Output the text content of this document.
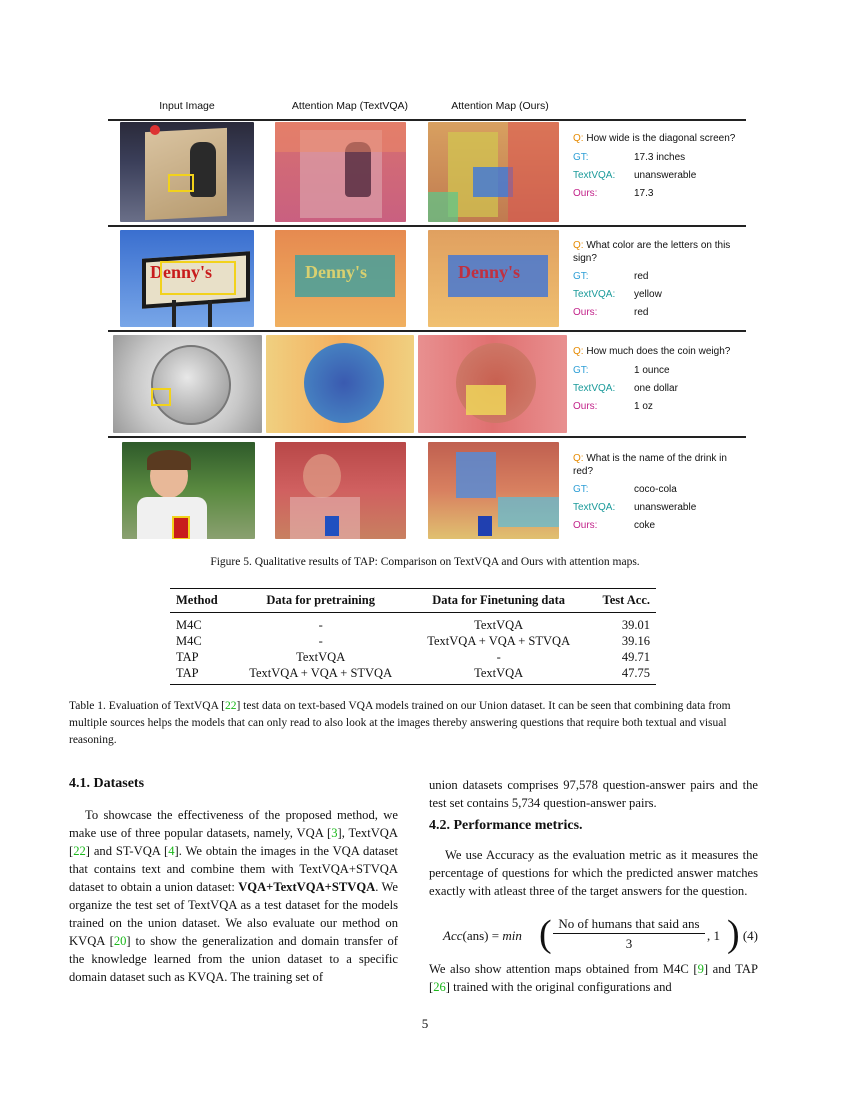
Input Image	Attention Map (TextVQA)	Attention Map (Ours)
Q: How wide is the diagonal screen?
GT:	17.3 inches
TextVQA:	unanswerable
Ours:	17.3
Denny's	Denny's	Denny's
Q: What color are the letters on this sign?
GT:	red
TextVQA:	yellow
Ours:	red
Q: How much does the coin weigh?
GT:	1 ounce
TextVQA:	one dollar
Ours:	1 oz
Q: What is the name of the drink in red?
GT:	coco-cola
TextVQA:	unanswerable
Ours:	coke
Figure 5. Qualitative results of TAP: Comparison on TextVQA and Ours with attention maps.
Method	Data for pretraining	Data for Finetuning data	Test Acc.
M4C	-	TextVQA	39.01
M4C	-	TextVQA + VQA + STVQA	39.16
TAP	TextVQA	-	49.71
TAP	TextVQA + VQA + STVQA	TextVQA	47.75
Table 1. Evaluation of TextVQA [22] test data on text-based VQA models trained on our Union dataset. It can be seen that combining data from multiple sources helps the models that can only read to also look at the images thereby answering questions that require both textual and visual reasoning.
4.1. Datasets
To showcase the effectiveness of the proposed method, we make use of three popular datasets, namely, VQA [3], TextVQA [22] and ST-VQA [4]. We obtain the images in the VQA dataset that contains text and combine them with TextVQA+STVQA dataset to obtain a union dataset: VQA+TextVQA+STVQA. We organize the test set of TextVQA as a test dataset for the models trained on the union dataset. We also evaluate our method on KVQA [20] to show the generalization and domain transfer of the knowledge learned from the union dataset to a specific domain dataset such as KVQA. The training set of
union datasets comprises 97,578 question-answer pairs and the test set contains 5,734 question-answer pairs.
4.2. Performance metrics.
We use Accuracy as the evaluation metric as it measures the percentage of questions for which the predicted answer matches exactly with atleast three of the target answers for the question.
Acc(ans) = min ( No of humans that said ans
3
, 1 ) (4)
We also show attention maps obtained from M4C [9] and TAP [26] trained with the original configurations and
5
